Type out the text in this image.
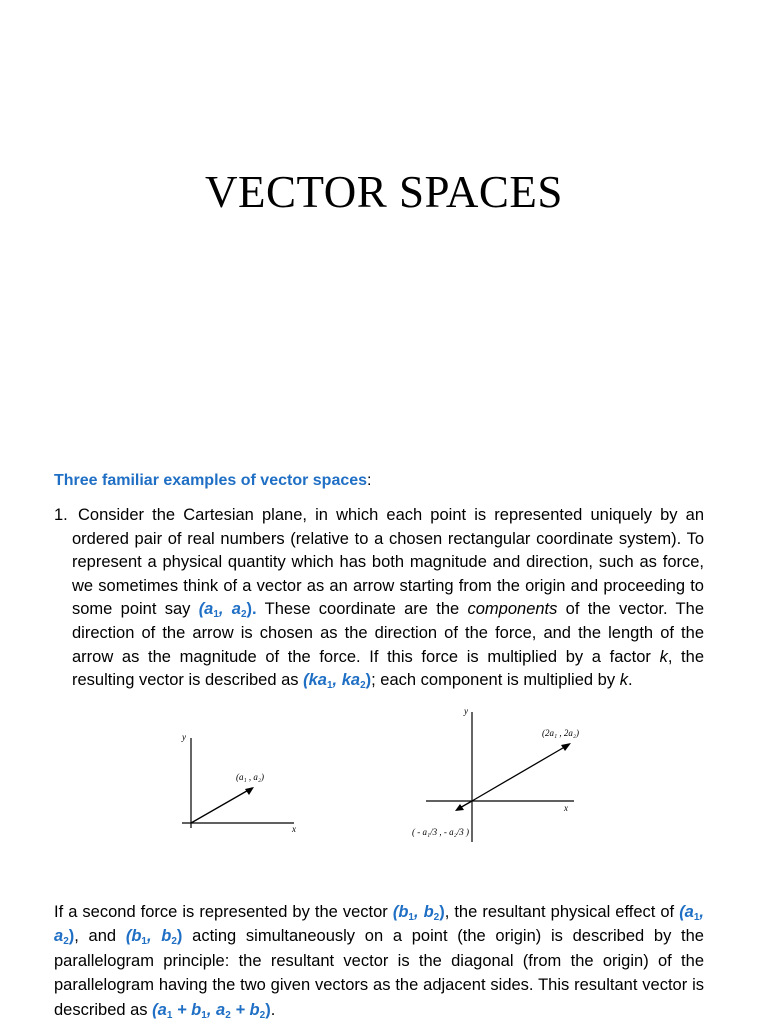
VECTOR SPACES
Three familiar examples of vector spaces:
1. Consider the Cartesian plane, in which each point is represented uniquely by an ordered pair of real numbers (relative to a chosen rectangular coordinate system). To represent a physical quantity which has both magnitude and direction, such as force, we sometimes think of a vector as an arrow starting from the origin and proceeding to some point say ($a_1$, $a_2$). These coordinate are the components of the vector. The direction of the arrow is chosen as the direction of the force, and the length of the arrow as the magnitude of the force. If this force is multiplied by a factor k, the resulting vector is described as ($ka_1$, $ka_2$); each component is multiplied by k.
y
x
(a₁ , a₂)
y
x
(2a₁ , 2a₂)
( - a₁/3 , - a₂/3 )
If a second force is represented by the vector ($b_1$, $b_2$), the resultant physical effect of ($a_1$, $a_2$), and ($b_1$, $b_2$) acting simultaneously on a point (the origin) is described by the parallelogram principle: the resultant vector is the diagonal (from the origin) of the parallelogram having the two given vectors as the adjacent sides. This resultant vector is described as ($a_1 + b_1$, $a_2 + b_2$).
